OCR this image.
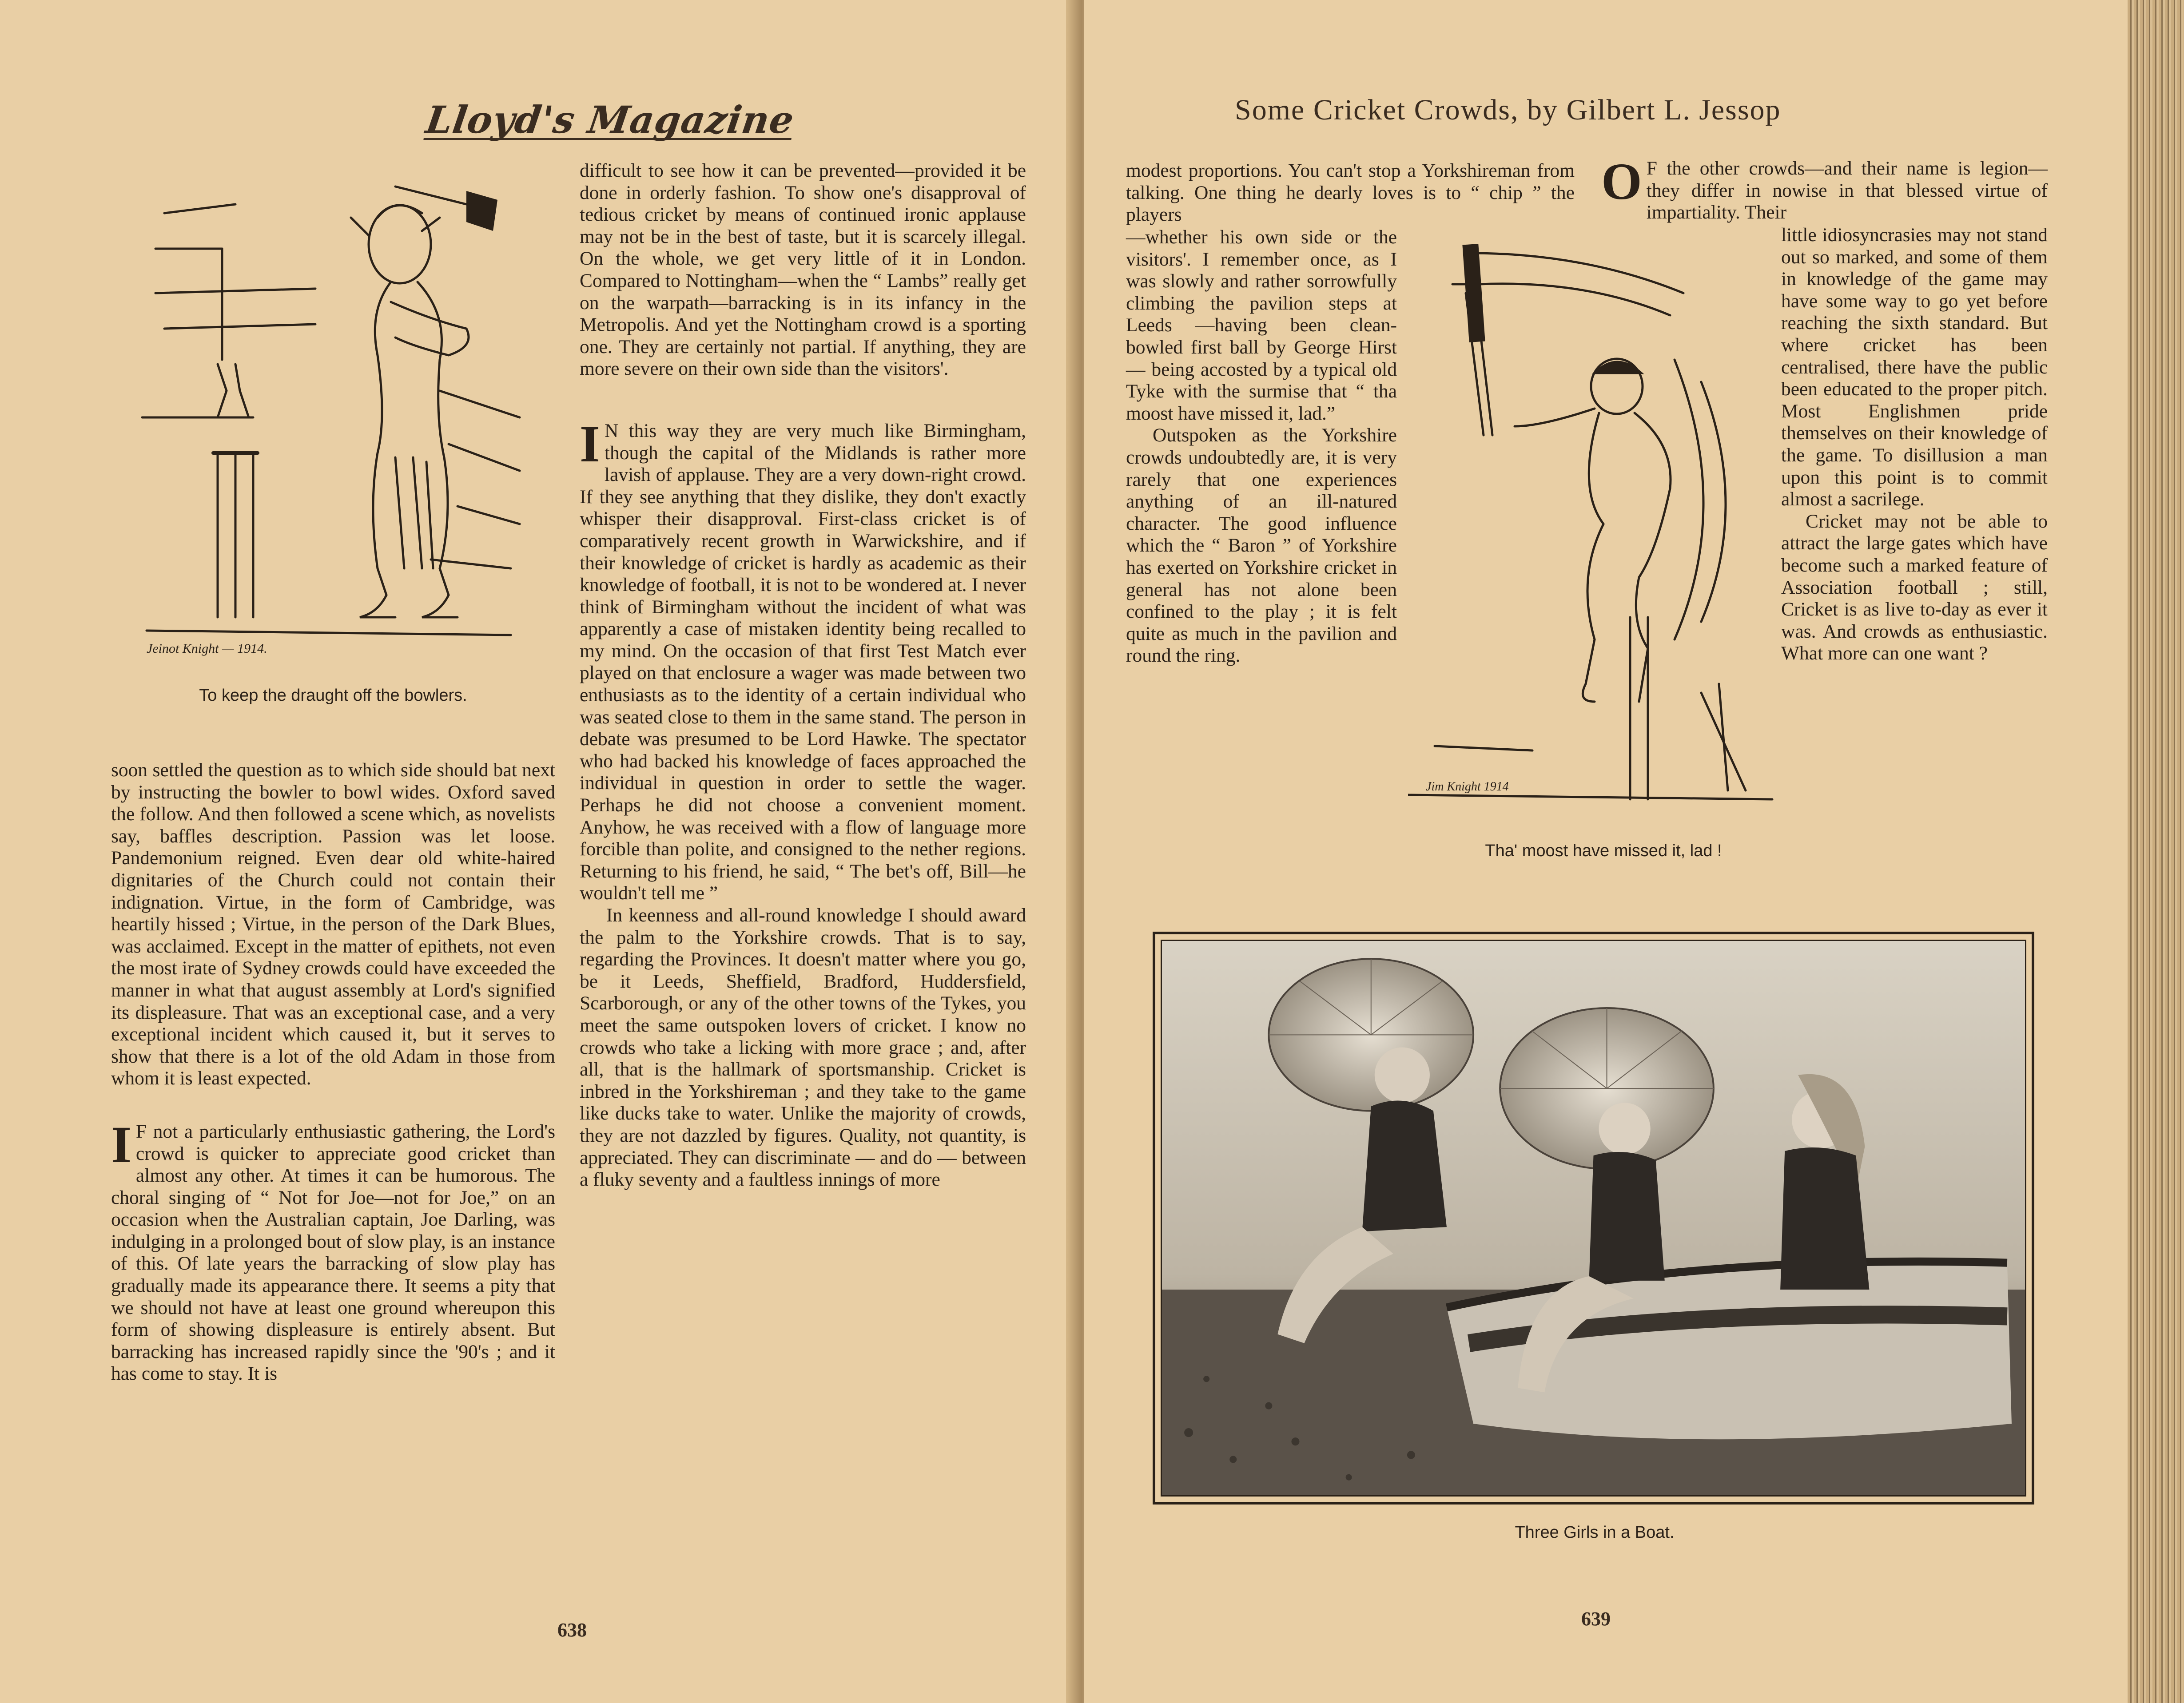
Lloyd's Magazine
Jeinot Knight — 1914.
To keep the draught off the bowlers.

soon settled the question as to which side should bat next by instructing the bowler to bowl wides. Oxford saved the follow. And then followed a scene which, as novelists say, baffles description. Passion was let loose. Pandemonium reigned. Even dear old white-haired dignitaries of the Church could not contain their indignation. Virtue, in the form of Cambridge, was heartily hissed ; Virtue, in the person of the Dark Blues, was acclaimed. Except in the matter of epithets, not even the most irate of Sydney crowds could have exceeded the manner in what that august assembly at Lord's signified its displeasure. That was an exceptional case, and a very exceptional incident which caused it, but it serves to show that there is a lot of the old Adam in those from whom it is least expected.

I F not a particularly enthusiastic gathering, the Lord's crowd is quicker to appreciate good cricket than almost any other. At times it can be humorous. The choral singing of “ Not for Joe—not for Joe,” on an occasion when the Australian captain, Joe Darling, was indulging in a prolonged bout of slow play, is an instance of this. Of late years the barracking of slow play has gradually made its appearance there. It seems a pity that we should not have at least one ground whereupon this form of showing displeasure is entirely absent. But barracking has increased rapidly since the '90's ; and it has come to stay. It is

difficult to see how it can be prevented—provided it be done in orderly fashion. To show one's disapproval of tedious cricket by means of continued ironic applause may not be in the best of taste, but it is scarcely illegal. On the whole, we get very little of it in London. Compared to Nottingham—when the “ Lambs” really get on the warpath—barracking is in its infancy in the Metropolis. And yet the Nottingham crowd is a sporting one. They are certainly not partial. If anything, they are more severe on their own side than the visitors'.

I N this way they are very much like Birmingham, though the capital of the Midlands is rather more lavish of applause. They are a very down-right crowd. If they see anything that they dislike, they don't exactly whisper their disapproval. First-class cricket is of comparatively recent growth in Warwickshire, and if their knowledge of cricket is hardly as academic as their knowledge of football, it is not to be wondered at. I never think of Birmingham without the incident of what was apparently a case of mistaken identity being recalled to my mind. On the occasion of that first Test Match ever played on that enclosure a wager was made between two enthusiasts as to the identity of a certain individual who was seated close to them in the same stand. The person in debate was presumed to be Lord Hawke. The spectator who had backed his knowledge of faces approached the individual in question in order to settle the wager. Perhaps he did not choose a convenient moment. Anyhow, he was received with a flow of language more forcible than polite, and consigned to the nether regions. Returning to his friend, he said, “ The bet's off, Bill—he wouldn't tell me ”

In keenness and all-round knowledge I should award the palm to the Yorkshire crowds. That is to say, regarding the Provinces. It doesn't matter where you go, be it Leeds, Sheffield, Bradford, Huddersfield, Scarborough, or any of the other towns of the Tykes, you meet the same outspoken lovers of cricket. I know no crowds who take a licking with more grace ; and, after all, that is the hallmark of sportsmanship. Cricket is inbred in the Yorkshireman ; and they take to the game like ducks take to water. Unlike the majority of crowds, they are not dazzled by figures. Quality, not quantity, is appreciated. They can discriminate — and do — between a fluky seventy and a faultless innings of more

638
Some Cricket Crowds, by Gilbert L. Jessop

modest proportions. You can't stop a Yorkshireman from talking. One thing he dearly loves is to “ chip ” the players

—whether his own side or the visitors'. I remember once, as I was slowly and rather sorrowfully climbing the pavilion steps at Leeds —having been clean-bowled first ball by George Hirst — being accosted by a typical old Tyke with the surmise that “ tha moost have missed it, lad.”

Outspoken as the Yorkshire crowds undoubtedly are, it is very rarely that one experiences anything of an ill-natured character. The good influence which the “ Baron ” of Yorkshire has exerted on Yorkshire cricket in general has not alone been confined to the play ; it is felt quite as much in the pavilion and round the ring.

Jim Knight 1914
Tha' moost have missed it, lad !

O F the other crowds—and their name is legion—they differ in nowise in that blessed virtue of impartiality. Their

little idiosyncrasies may not stand out so marked, and some of them in knowledge of the game may have some way to go yet before reaching the sixth standard. But where cricket has been centralised, there have the public been educated to the proper pitch. Most Englishmen pride themselves on their knowledge of the game. To disillusion a man upon this point is to commit almost a sacrilege.

Cricket may not be able to attract the large gates which have become such a marked feature of Association football ; still, Cricket is as live to-day as ever it was. And crowds as enthusiastic. What more can one want ?

Three Girls in a Boat.
639
